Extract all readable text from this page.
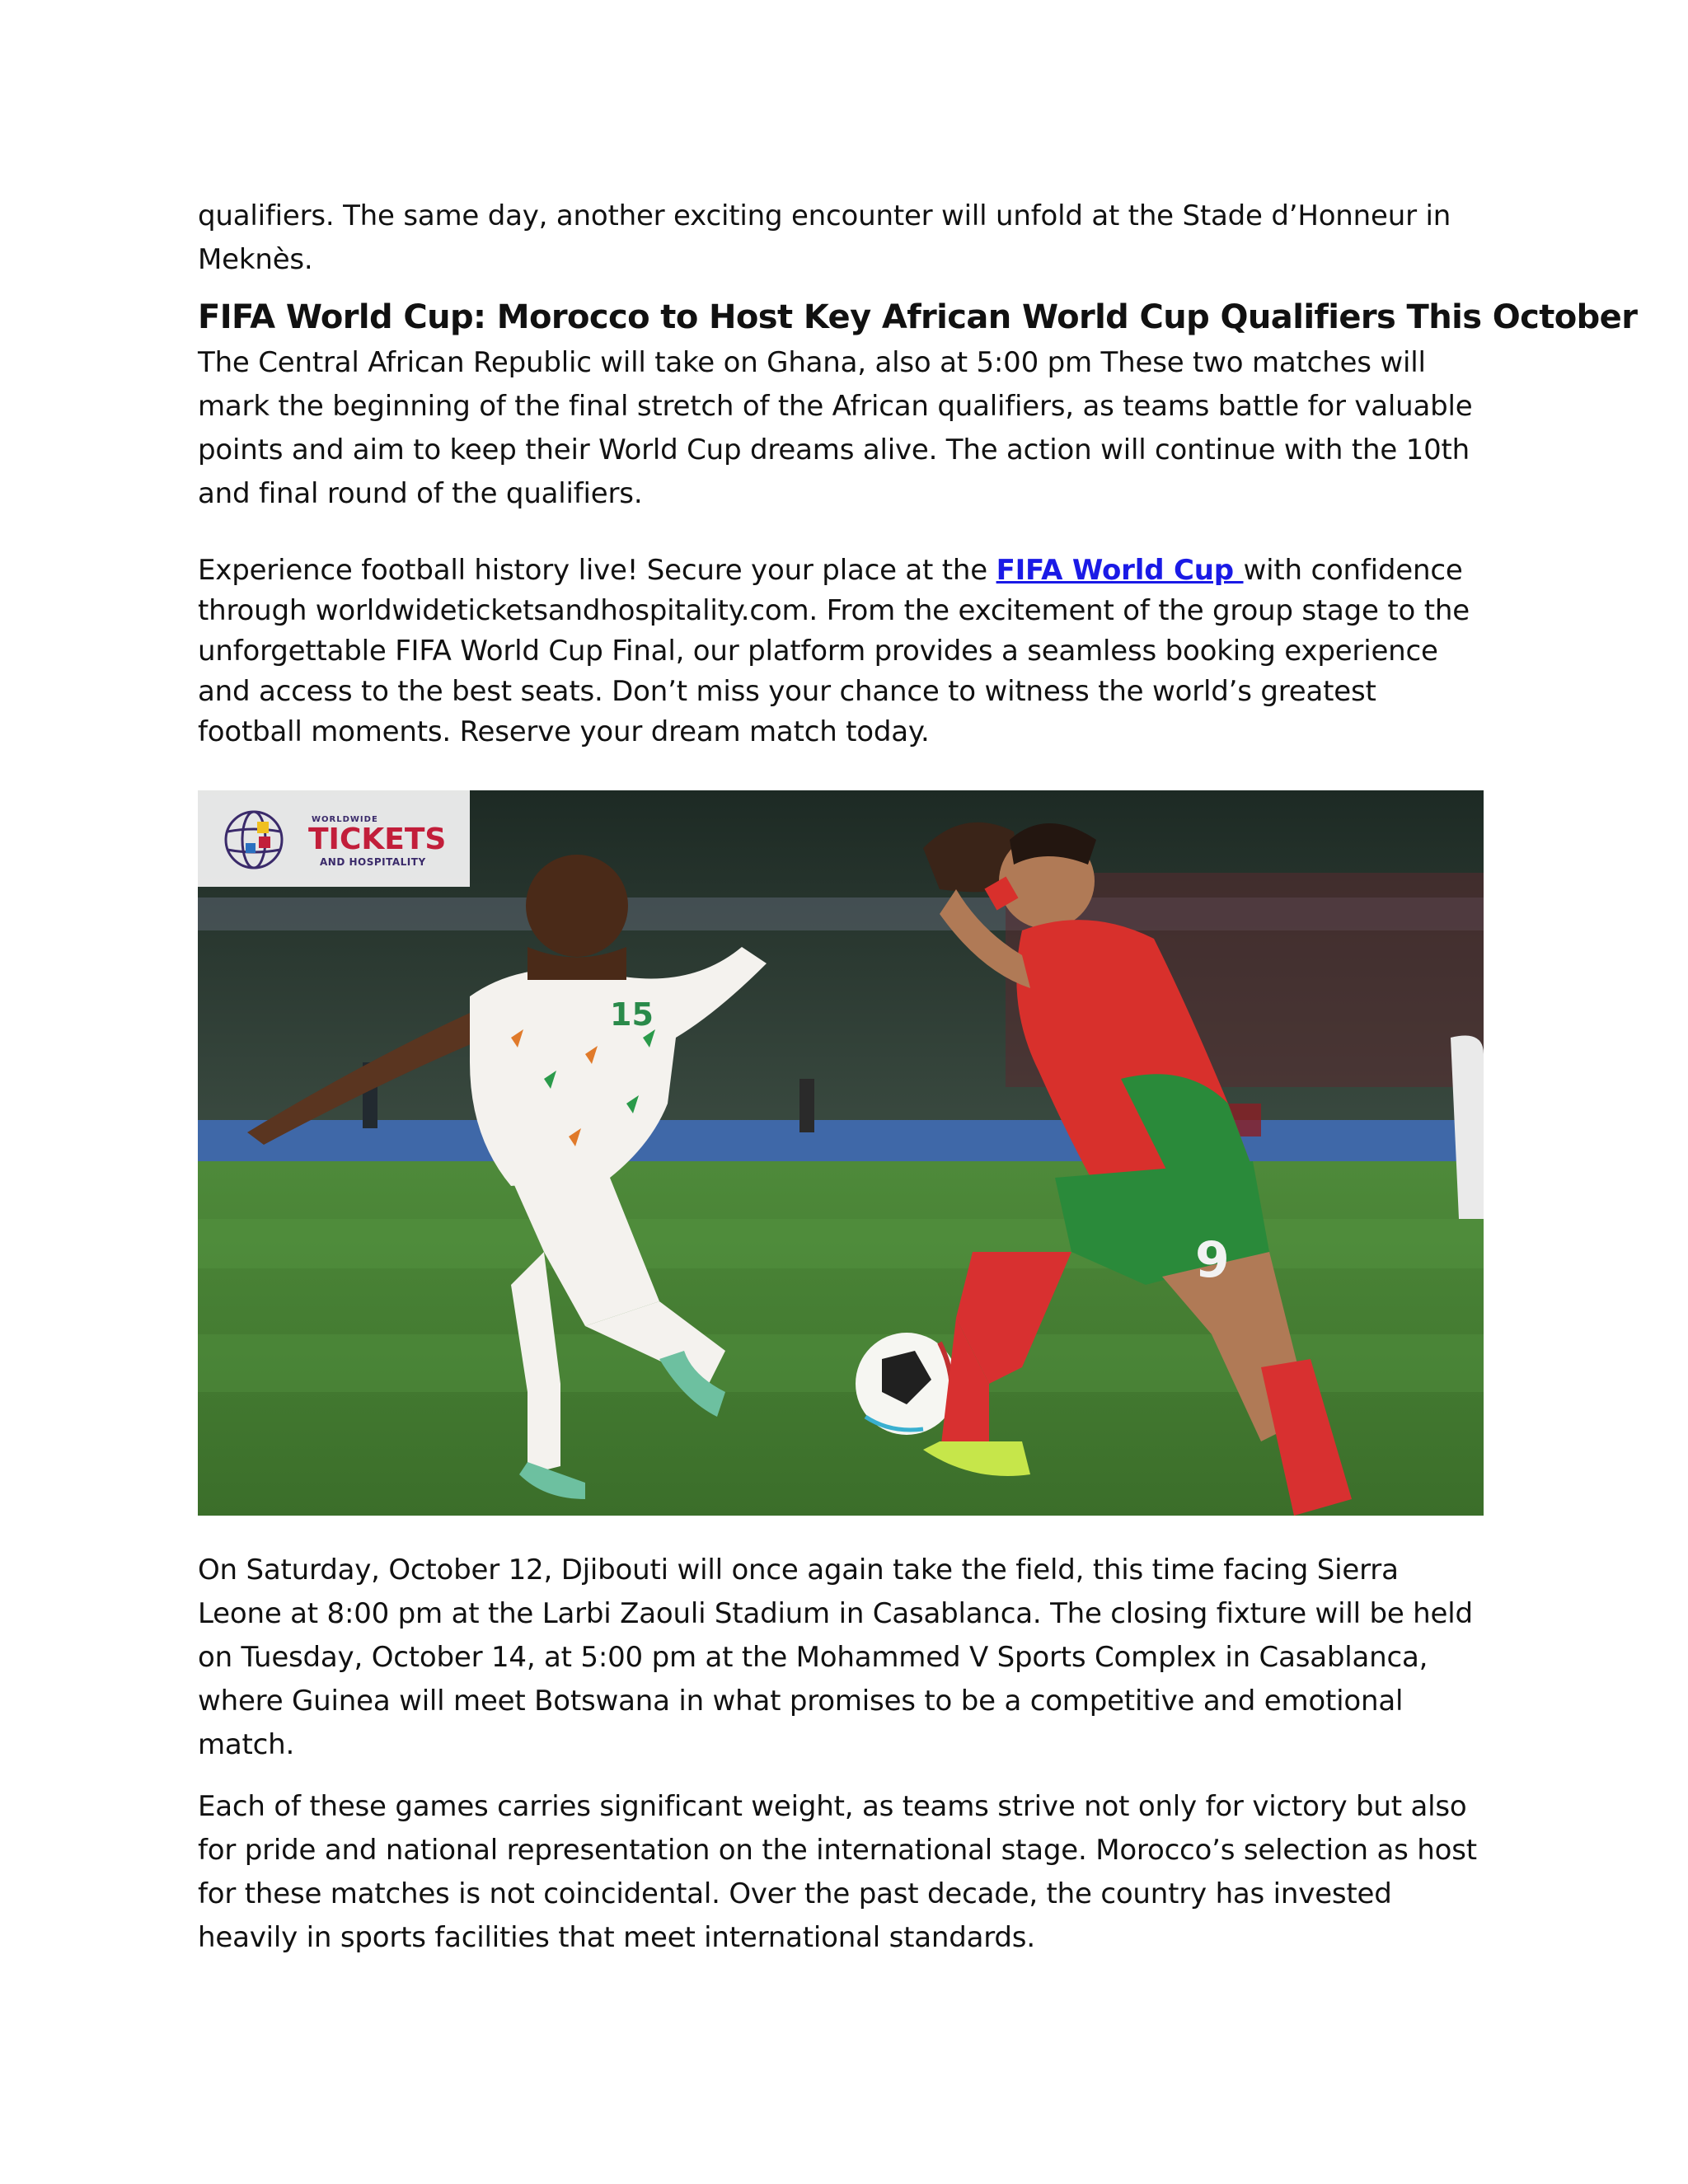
qualifiers. The same day, another exciting encounter will unfold at the Stade d’Honneur in Meknès.

FIFA World Cup: Morocco to Host Key African World Cup Qualifiers This October

The Central African Republic will take on Ghana, also at 5:00 pm These two matches will mark the beginning of the final stretch of the African qualifiers, as teams battle for valuable points and aim to keep their World Cup dreams alive. The action will continue with the 10th and final round of the qualifiers.

Experience football history live! Secure your place at the FIFA World Cup with confidence through worldwideticketsandhospitality.com. From the excitement of the group stage to the unforgettable FIFA World Cup Final, our platform provides a seamless booking experience and access to the best seats. Don’t miss your chance to witness the world’s greatest football moments. Reserve your dream match today.

15
9
WORLDWIDE
TICKETS
AND HOSPITALITY

On Saturday, October 12, Djibouti will once again take the field, this time facing Sierra Leone at 8:00 pm at the Larbi Zaouli Stadium in Casablanca. The closing fixture will be held on Tuesday, October 14, at 5:00 pm at the Mohammed V Sports Complex in Casablanca, where Guinea will meet Botswana in what promises to be a competitive and emotional match.

Each of these games carries significant weight, as teams strive not only for victory but also for pride and national representation on the international stage. Morocco’s selection as host for these matches is not coincidental. Over the past decade, the country has invested heavily in sports facilities that meet international standards.
